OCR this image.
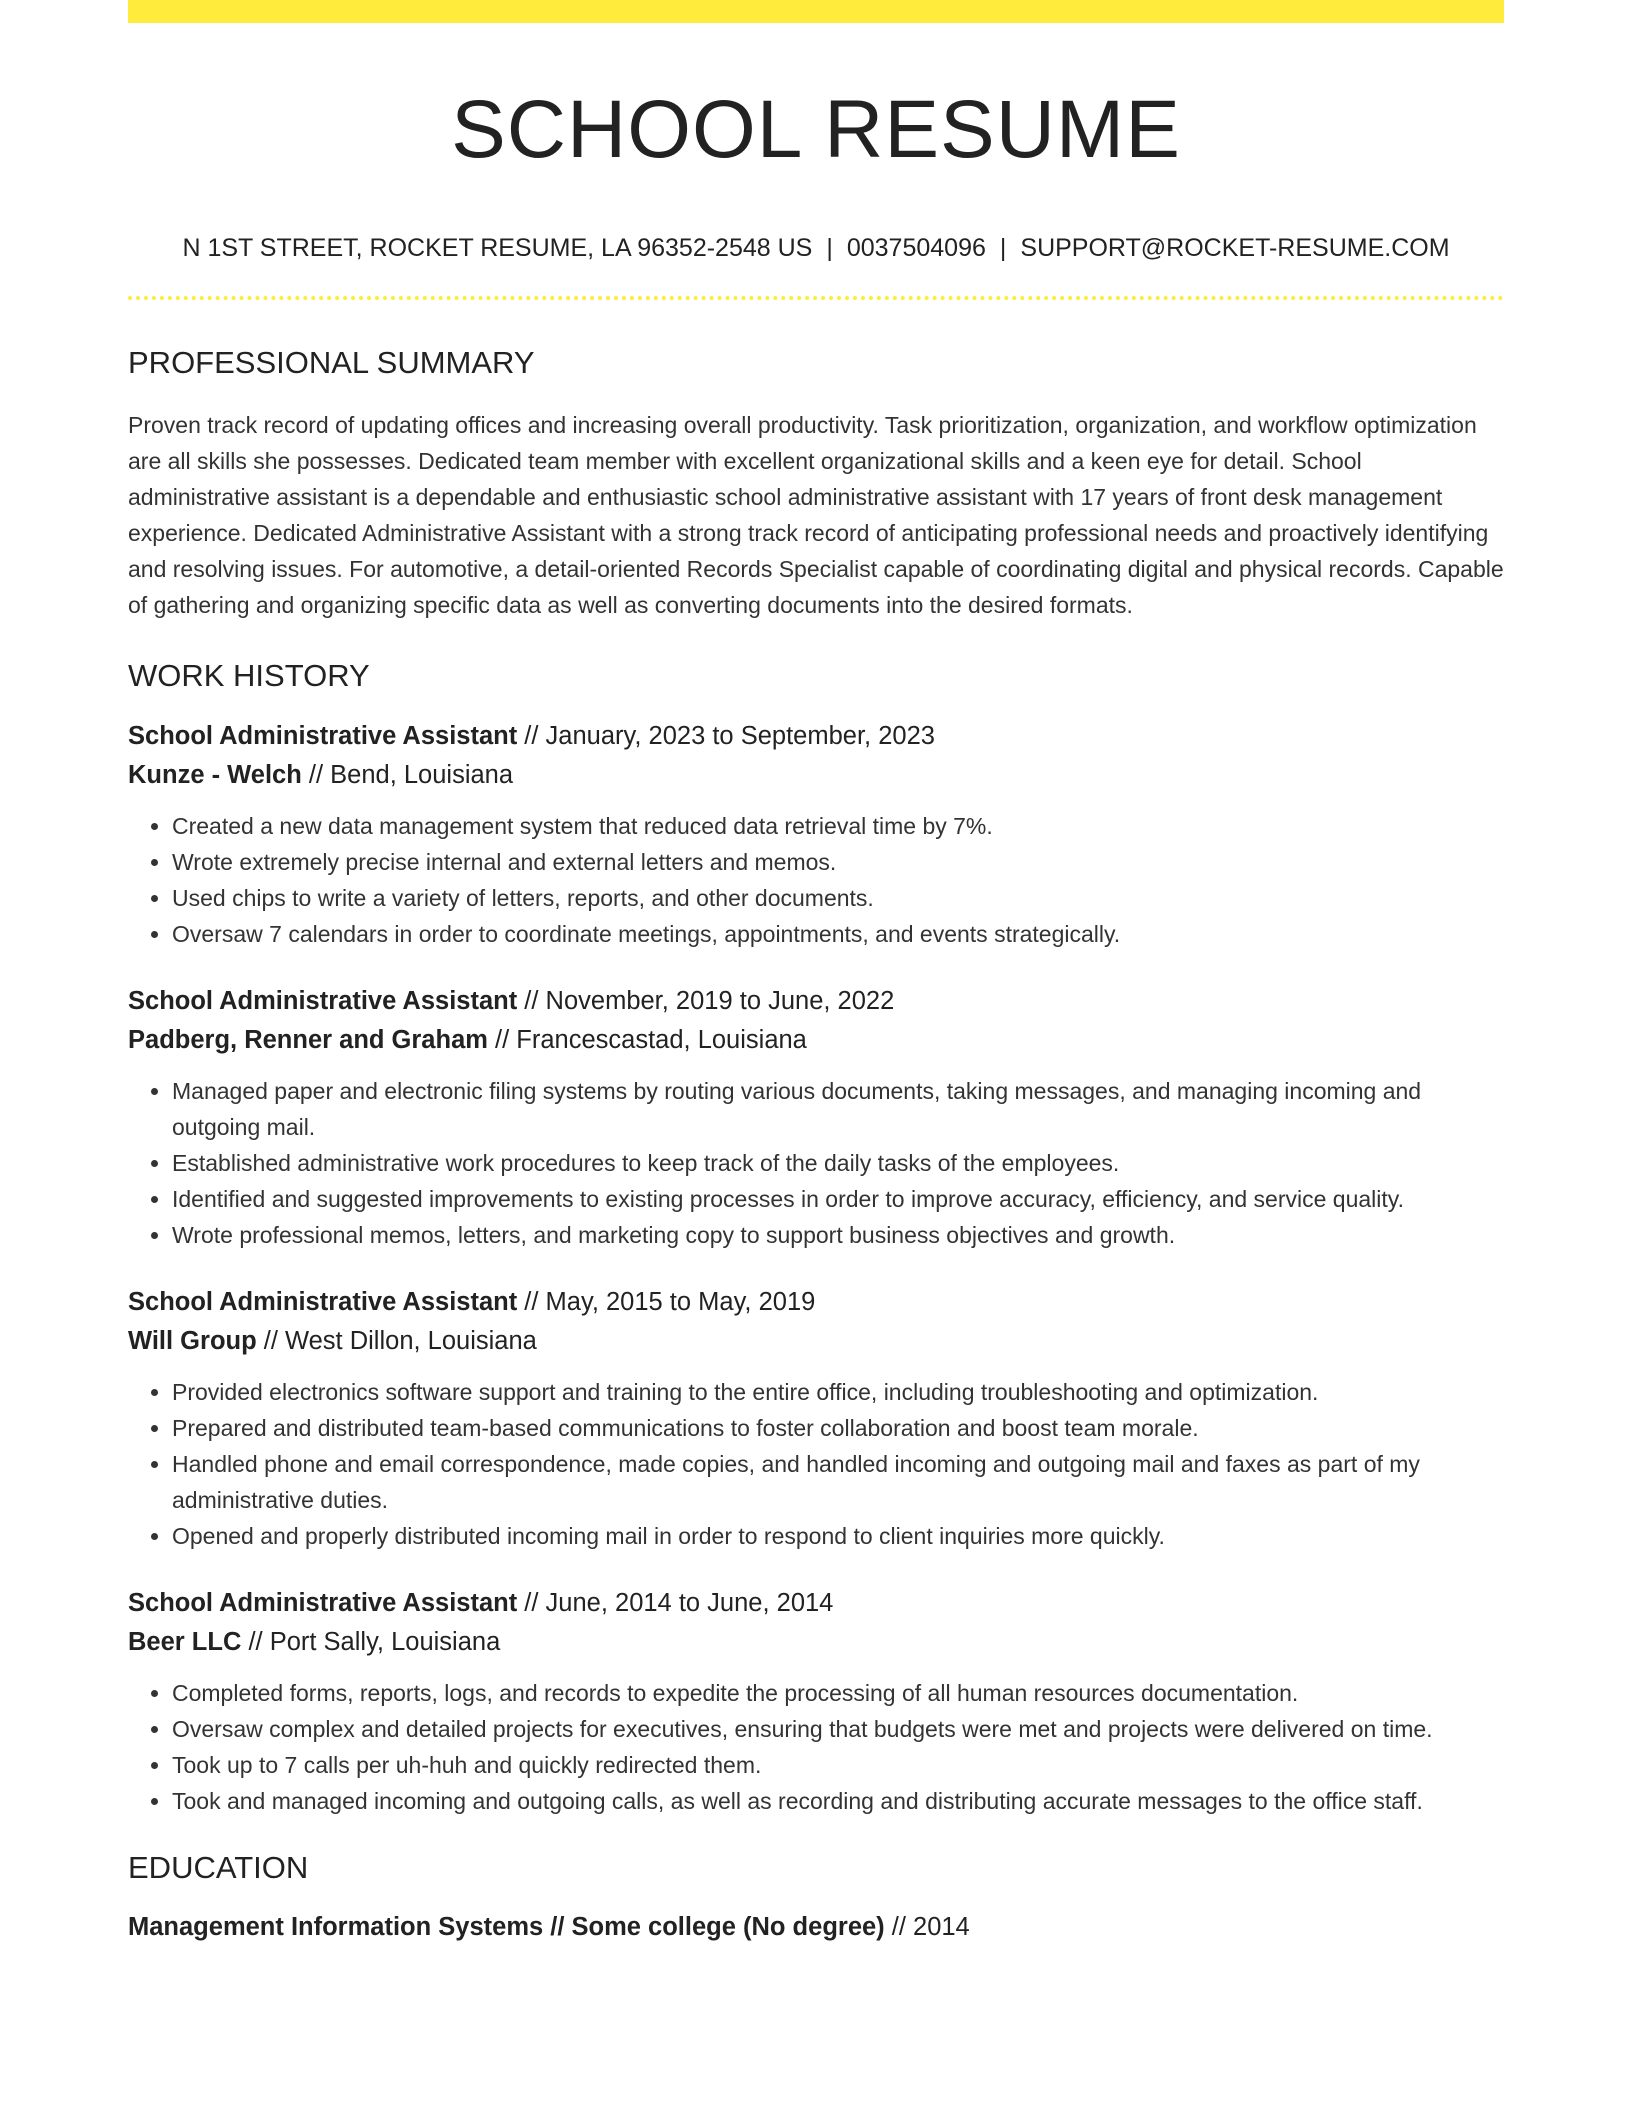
SCHOOL RESUME
N 1ST STREET, ROCKET RESUME, LA 96352-2548 US | 0037504096 | SUPPORT@ROCKET-RESUME.COM
PROFESSIONAL SUMMARY
Proven track record of updating offices and increasing overall productivity. Task prioritization, organization, and workflow optimization are all skills she possesses. Dedicated team member with excellent organizational skills and a keen eye for detail. School administrative assistant is a dependable and enthusiastic school administrative assistant with 17 years of front desk management experience. Dedicated Administrative Assistant with a strong track record of anticipating professional needs and proactively identifying and resolving issues. For automotive, a detail-oriented Records Specialist capable of coordinating digital and physical records. Capable of gathering and organizing specific data as well as converting documents into the desired formats.
WORK HISTORY
School Administrative Assistant // January, 2023 to September, 2023
Kunze - Welch // Bend, Louisiana
• Created a new data management system that reduced data retrieval time by 7%.
• Wrote extremely precise internal and external letters and memos.
• Used chips to write a variety of letters, reports, and other documents.
• Oversaw 7 calendars in order to coordinate meetings, appointments, and events strategically.
School Administrative Assistant // November, 2019 to June, 2022
Padberg, Renner and Graham // Francescastad, Louisiana
• Managed paper and electronic filing systems by routing various documents, taking messages, and managing incoming and outgoing mail.
• Established administrative work procedures to keep track of the daily tasks of the employees.
• Identified and suggested improvements to existing processes in order to improve accuracy, efficiency, and service quality.
• Wrote professional memos, letters, and marketing copy to support business objectives and growth.
School Administrative Assistant // May, 2015 to May, 2019
Will Group // West Dillon, Louisiana
• Provided electronics software support and training to the entire office, including troubleshooting and optimization.
• Prepared and distributed team-based communications to foster collaboration and boost team morale.
• Handled phone and email correspondence, made copies, and handled incoming and outgoing mail and faxes as part of my administrative duties.
• Opened and properly distributed incoming mail in order to respond to client inquiries more quickly.
School Administrative Assistant // June, 2014 to June, 2014
Beer LLC // Port Sally, Louisiana
• Completed forms, reports, logs, and records to expedite the processing of all human resources documentation.
• Oversaw complex and detailed projects for executives, ensuring that budgets were met and projects were delivered on time.
• Took up to 7 calls per uh-huh and quickly redirected them.
• Took and managed incoming and outgoing calls, as well as recording and distributing accurate messages to the office staff.
EDUCATION
Management Information Systems // Some college (No degree) // 2014
